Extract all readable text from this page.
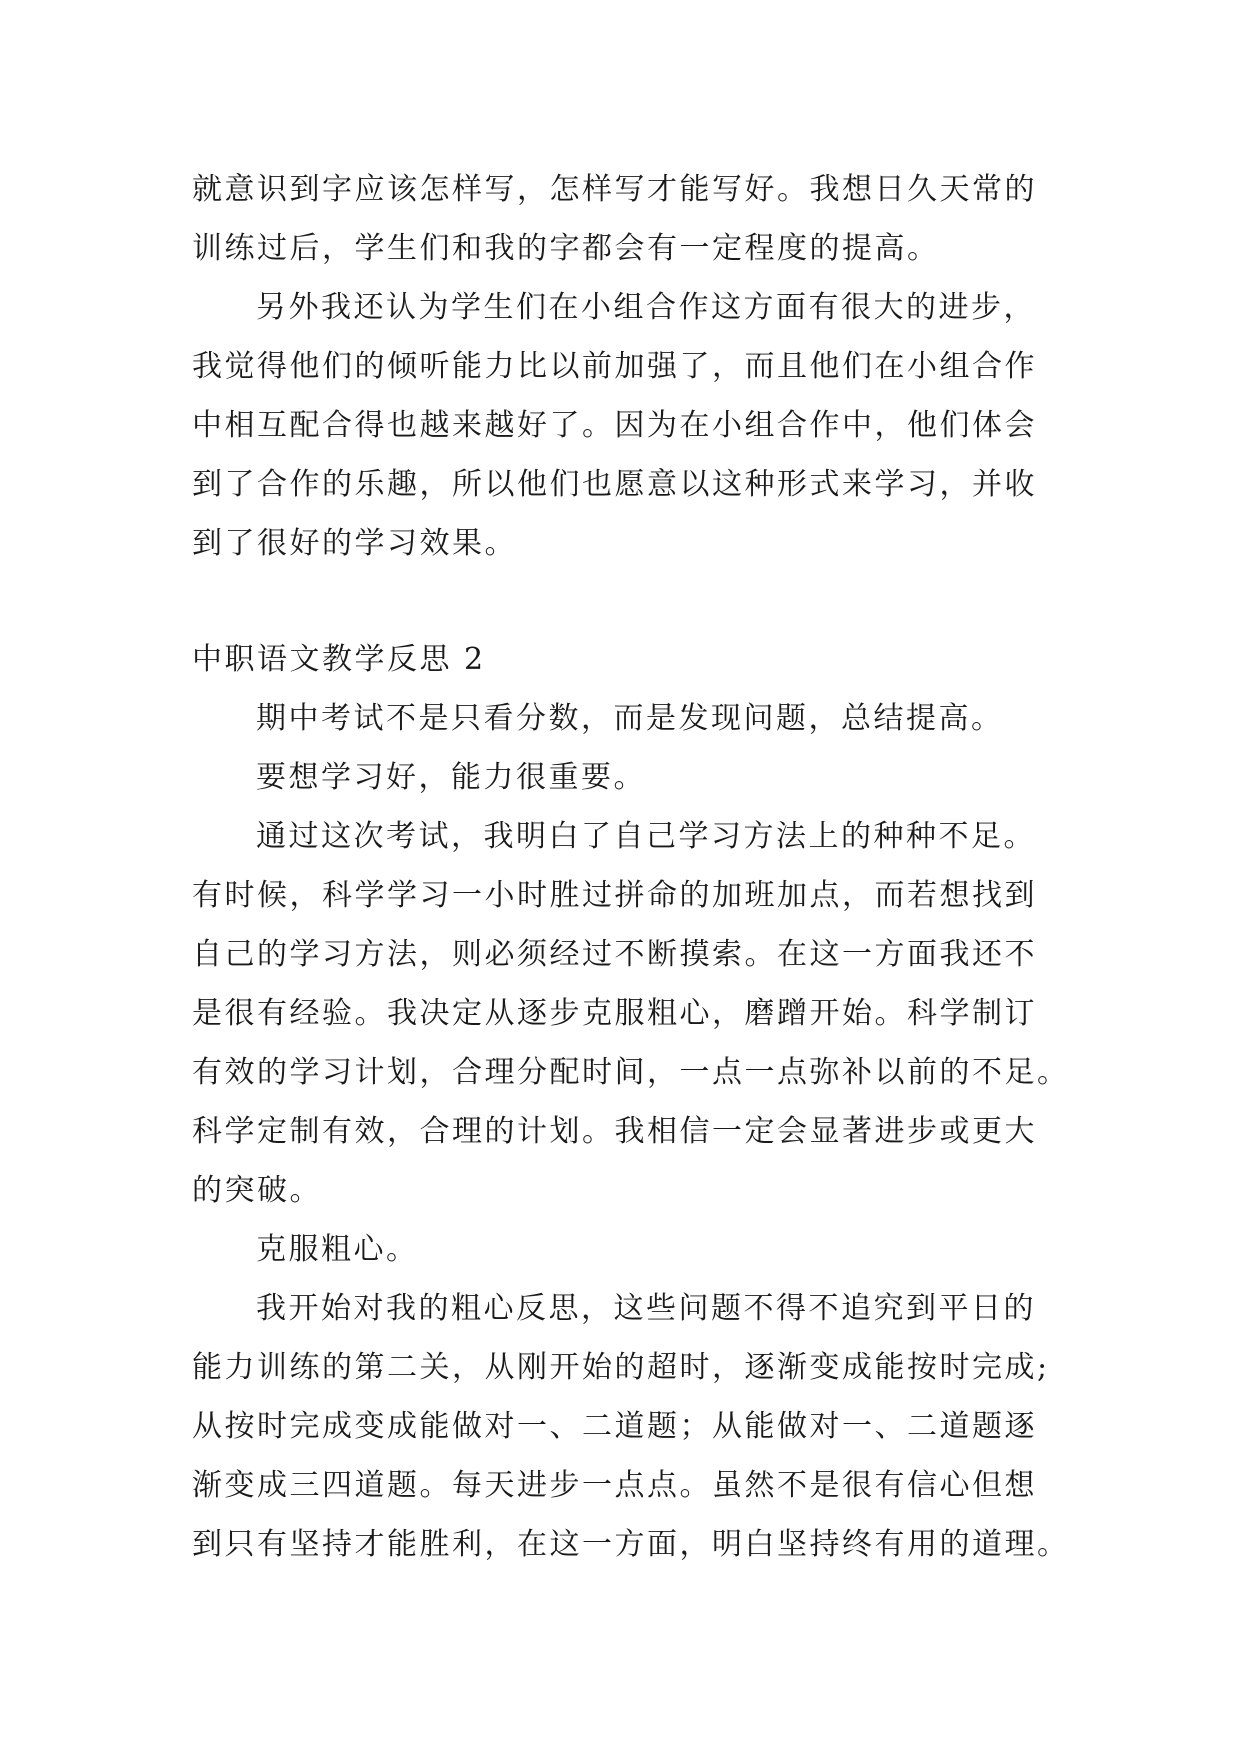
就意识到字应该怎样写，怎样写才能写好。我想日久天常的
训练过后，学生们和我的字都会有一定程度的提高。
另外我还认为学生们在小组合作这方面有很大的进步，
我觉得他们的倾听能力比以前加强了，而且他们在小组合作
中相互配合得也越来越好了。因为在小组合作中，他们体会
到了合作的乐趣，所以他们也愿意以这种形式来学习，并收
到了很好的学习效果。
中职语文教学反思 2
期中考试不是只看分数，而是发现问题，总结提高。
要想学习好，能力很重要。
通过这次考试，我明白了自己学习方法上的种种不足。
有时候，科学学习一小时胜过拼命的加班加点，而若想找到
自己的学习方法，则必须经过不断摸索。在这一方面我还不
是很有经验。我决定从逐步克服粗心，磨蹭开始。科学制订
有效的学习计划，合理分配时间，一点一点弥补以前的不足。
科学定制有效，合理的计划。我相信一定会显著进步或更大
的突破。
克服粗心。
我开始对我的粗心反思，这些问题不得不追究到平日的
能力训练的第二关，从刚开始的超时，逐渐变成能按时完成;
从按时完成变成能做对一、二道题；从能做对一、二道题逐
渐变成三四道题。每天进步一点点。虽然不是很有信心但想
到只有坚持才能胜利，在这一方面，明白坚持终有用的道理。
